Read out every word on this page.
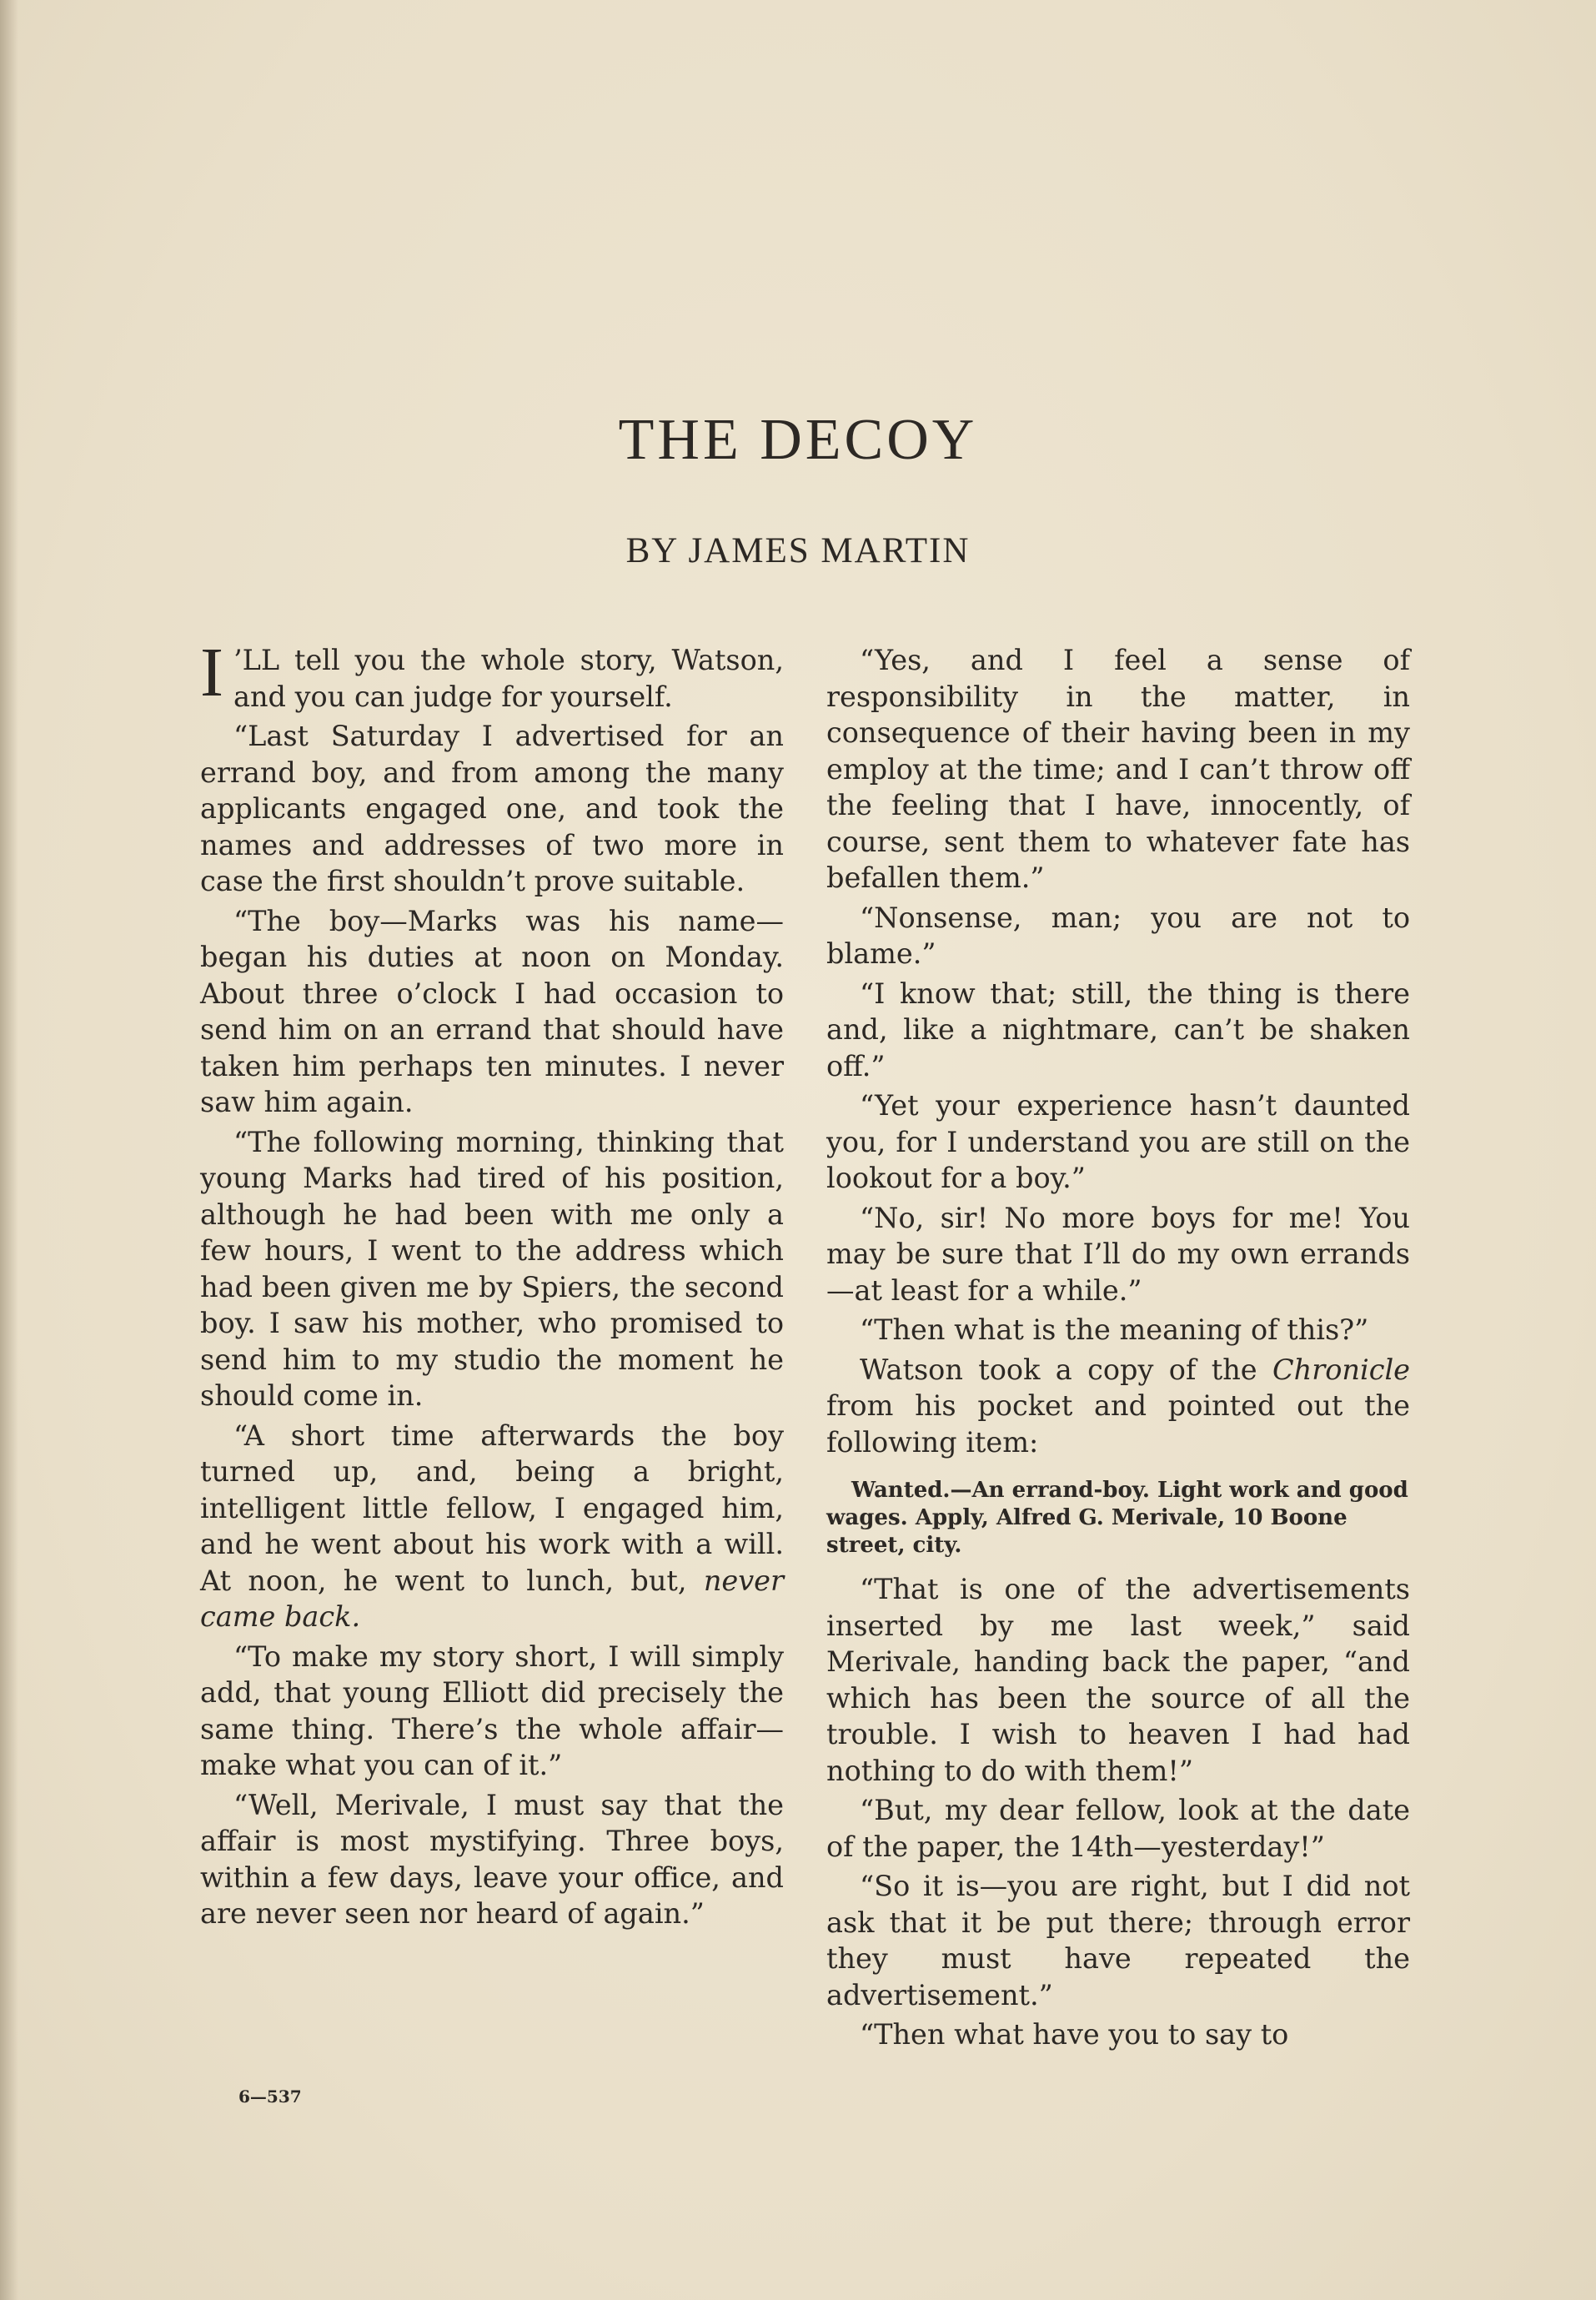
THE DECOY
BY JAMES MARTIN

I ’LL tell you the whole story, Watson, and you can judge for yourself.

“Last Saturday I advertised for an errand boy, and from among the many applicants engaged one, and took the names and addresses of two more in case the first shouldn’t prove suitable.

“The boy—Marks was his name—began his duties at noon on Monday. About three o’clock I had occasion to send him on an errand that should have taken him perhaps ten minutes. I never saw him again.

“The following morning, thinking that young Marks had tired of his position, although he had been with me only a few hours, I went to the address which had been given me by Spiers, the second boy. I saw his mother, who promised to send him to my studio the moment he should come in.

“A short time afterwards the boy turned up, and, being a bright, intelligent little fellow, I engaged him, and he went about his work with a will. At noon, he went to lunch, but, never came back.

“To make my story short, I will simply add, that young Elliott did precisely the same thing. There’s the whole affair—make what you can of it.”

“Well, Merivale, I must say that the affair is most mystifying. Three boys, within a few days, leave your office, and are never seen nor heard of again.”

“Yes, and I feel a sense of responsibility in the matter, in consequence of their having been in my employ at the time; and I can’t throw off the feeling that I have, innocently, of course, sent them to whatever fate has befallen them.”

“Nonsense, man; you are not to blame.”

“I know that; still, the thing is there and, like a nightmare, can’t be shaken off.”

“Yet your experience hasn’t daunted you, for I understand you are still on the lookout for a boy.”

“No, sir! No more boys for me! You may be sure that I’ll do my own errands—at least for a while.”

“Then what is the meaning of this?”

Watson took a copy of the Chronicle from his pocket and pointed out the following item:

Wanted.—An errand-boy. Light work and good wages. Apply, Alfred G. Merivale, 10 Boone street, city.

“That is one of the advertisements inserted by me last week,” said Merivale, handing back the paper, “and which has been the source of all the trouble. I wish to heaven I had had nothing to do with them!”

“But, my dear fellow, look at the date of the paper, the 14th—yesterday!”

“So it is—you are right, but I did not ask that it be put there; through error they must have repeated the advertisement.”

“Then what have you to say to

6—537
